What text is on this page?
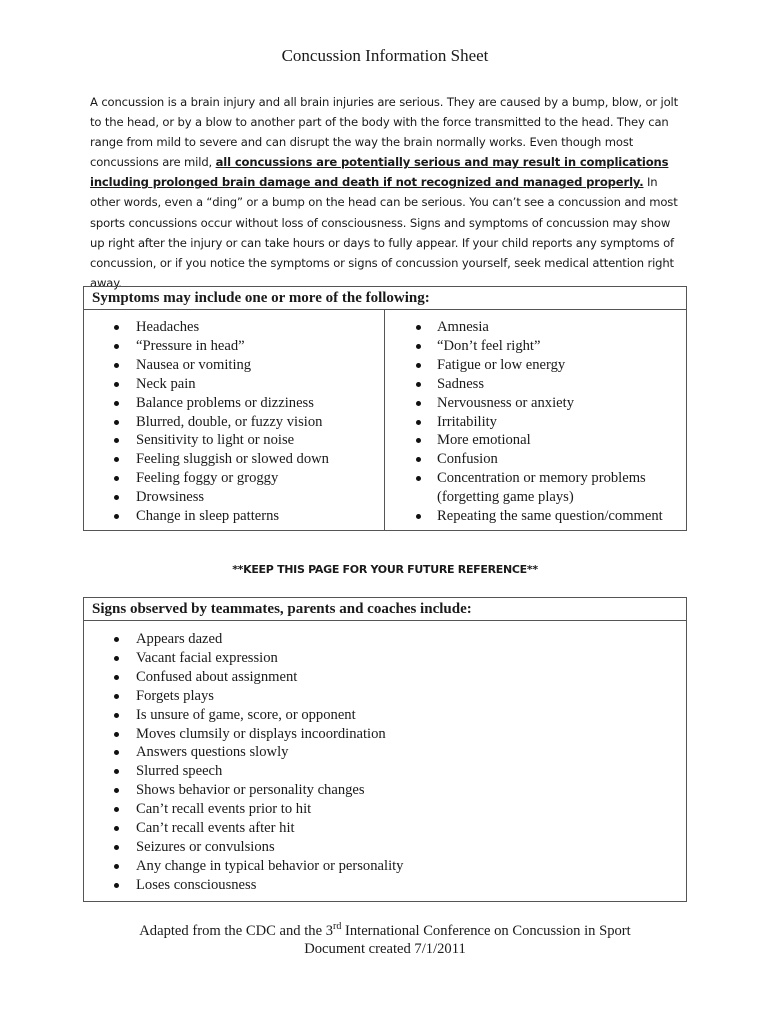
Concussion Information Sheet

A concussion is a brain injury and all brain injuries are serious. They are caused by a bump, blow, or jolt to the head, or by a blow to another part of the body with the force transmitted to the head. They can range from mild to severe and can disrupt the way the brain normally works. Even though most concussions are mild, all concussions are potentially serious and may result in complications including prolonged brain damage and death if not recognized and managed properly. In other words, even a “ding” or a bump on the head can be serious. You can’t see a concussion and most sports concussions occur without loss of consciousness. Signs and symptoms of concussion may show up right after the injury or can take hours or days to fully appear. If your child reports any symptoms of concussion, or if you notice the symptoms or signs of concussion yourself, seek medical attention right away.

Symptoms may include one or more of the following:
Headaches
“Pressure in head”
Nausea or vomiting
Neck pain
Balance problems or dizziness
Blurred, double, or fuzzy vision
Sensitivity to light or noise
Feeling sluggish or slowed down
Feeling foggy or groggy
Drowsiness
Change in sleep patterns
Amnesia
“Don’t feel right”
Fatigue or low energy
Sadness
Nervousness or anxiety
Irritability
More emotional
Confusion
Concentration or memory problems (forgetting game plays)
Repeating the same question/comment
**KEEP THIS PAGE FOR YOUR FUTURE REFERENCE**
Signs observed by teammates, parents and coaches include:
Appears dazed
Vacant facial expression
Confused about assignment
Forgets plays
Is unsure of game, score, or opponent
Moves clumsily or displays incoordination
Answers questions slowly
Slurred speech
Shows behavior or personality changes
Can’t recall events prior to hit
Can’t recall events after hit
Seizures or convulsions
Any change in typical behavior or personality
Loses consciousness
Adapted from the CDC and the 3rd International Conference on Concussion in Sport
Document created 7/1/2011
